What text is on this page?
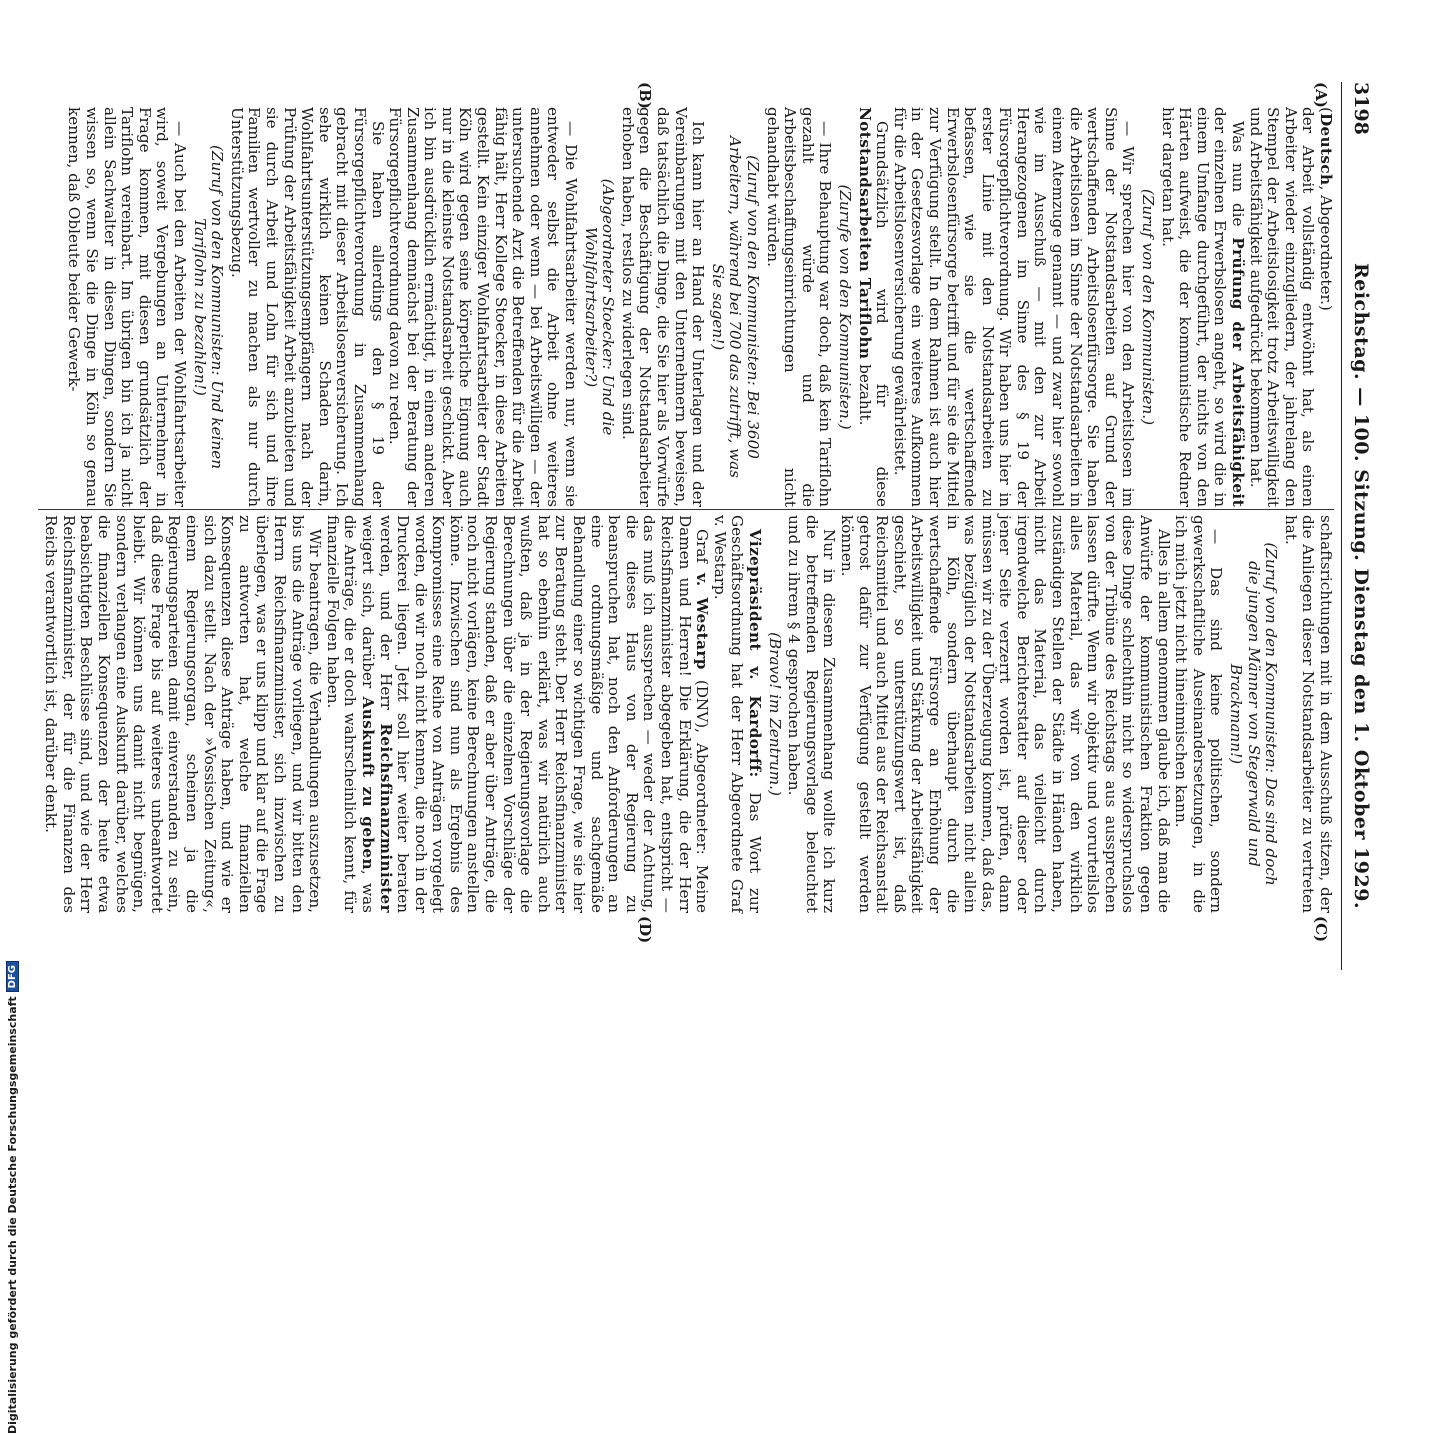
3198
Reichstag. — 100. Sitzung. Dienstag den 1. Oktober 1929.
(A)
(B)
(C)
(D)

(Deutsch, Abgeordneter.)

der Arbeit vollständig entwöhnt hat, als einen Arbeiter wieder einzugliedern, der jahrelang den Stempel der Arbeitslosigkeit trotz Arbeitswilligkeit und Arbeitsfähigkeit aufgedrückt bekommen hat.

Was nun die Prüfung der Arbeitsfähigkeit der einzelnen Erwerbslosen angeht, so wird die in einem Umfange durchgeführt, der nichts von den Härten aufweist, die der kommunistische Redner hier dargetan hat.

(Zuruf von den Kommunisten.)

— Wir sprechen hier von den Arbeitslosen im Sinne der Notstandsarbeiten auf Grund der wertschaffenden Arbeitslosenfürsorge. Sie haben die Arbeitslosen im Sinne der Notstandsarbeiten in einem Atemzuge genannt — und zwar hier sowohl wie im Ausschuß — mit den zur Arbeit Herangezogenen im Sinne des § 19 der Fürsorgepflichtverordnung. Wir haben uns hier in erster Linie mit den Notstandsarbeiten zu befassen, wie sie die wertschaffende Erwerbslosenfürsorge betrifft und für sie die Mittel zur Verfügung stellt. In dem Rahmen ist auch hier in der Gesetzesvorlage ein weiteres Aufkommen für die Arbeitslosenversicherung gewährleistet.

Grundsätzlich wird für diese Notstandsarbeiten Tariflohn bezahlt.

(Zurufe von den Kommunisten.)

— Ihre Behauptung war doch, daß kein Tariflohn gezahlt würde und die Arbeitsbeschaffungseinrichtungen nicht gehandhabt würden.

(Zuruf von den Kommunisten: Bei 3600 Arbeitern, während bei 700 das zutrifft, was Sie sagen!)

Ich kann hier an Hand der Unterlagen und der Vereinbarungen mit den Unternehmern beweisen, daß tatsächlich die Dinge, die Sie hier als Vorwürfe gegen die Beschäftigung der Notstandsarbeiter erhoben haben, restlos zu widerlegen sind.

(Abgeordneter Stoecker: Und die Wohlfahrtsarbeiter?)

— Die Wohlfahrtsarbeiter werden nur, wenn sie entweder selbst die Arbeit ohne weiteres annehmen oder wenn — bei Arbeitswilligen — der untersuchende Arzt die Betreffenden für die Arbeit fähig hält, Herr Kollege Stoecker, in diese Arbeiten gestellt. Kein einziger Wohlfahrtsarbeiter der Stadt Köln wird gegen seine körperliche Eignung auch nur in die kleinste Notstandsarbeit geschickt. Aber ich bin ausdrücklich ermächtigt, in einem anderen Zusammenhang demnächst bei der Beratung der Fürsorgepflichtverordnung davon zu reden.

Sie haben allerdings den § 19 der Fürsorgepflichtverordnung in Zusammenhang gebracht mit dieser Arbeitslosenversicherung. Ich sehe wirklich keinen Schaden darin, Wohlfahrtsunterstützungsempfängern nach der Prüfung der Arbeitsfähigkeit Arbeit anzubieten und sie durch Arbeit und Lohn für sich und ihre Familien wertvoller zu machen als nur durch Unterstützungsbezug.

(Zuruf von den Kommunisten: Und keinen Tariflohn zu bezahlen!)

— Auch bei den Arbeiten der Wohlfahrtsarbeiter wird, soweit Vergebungen an Unternehmer in Frage kommen, mit diesen grundsätzlich der Tariflohn vereinbart. Im übrigen bin ich ja nicht allein Sachwalter in diesen Dingen, sondern Sie wissen so, wenn Sie die Dinge in Köln so genau kennen, daß Obleute beider Gewerk-

schaftsrichtungen mit in dem Ausschuß sitzen, der die Anliegen dieser Notstandsarbeiter zu vertreten hat.

(Zuruf von den Kommunisten: Das sind doch die jungen Männer von Stegerwald und Brackmann!)

— Das sind keine politischen, sondern gewerkschaftliche Auseinandersetzungen, in die ich mich jetzt nicht hineinmischen kann.

Alles in allem genommen glaube ich, daß man die Anwürfe der kommunistischen Fraktion gegen diese Dinge schlechthin nicht so widerspruchslos von der Tribüne des Reichstags aus aussprechen lassen dürfte. Wenn wir objektiv und vorurteilslos alles Material, das wir von den wirklich zuständigen Stellen der Städte in Händen haben, nicht das Material, das vielleicht durch irgendwelche Berichterstatter auf dieser oder jener Seite verzerrt worden ist, prüfen, dann müssen wir zu der Überzeugung kommen, daß das, was bezüglich der Notstandsarbeiten nicht allein in Köln, sondern überhaupt durch die wertschaffende Fürsorge an Erhöhung der Arbeitswilligkeit und Stärkung der Arbeitsfähigkeit geschieht, so unterstützungswert ist, daß Reichsmittel und auch Mittel aus der Reichsanstalt getrost dafür zur Verfügung gestellt werden können.

Nur in diesem Zusammenhang wollte ich kurz die betreffenden Regierungsvorlage beleuchtet und zu ihrem § 4 gesprochen haben.

(Bravo! im Zentrum.)

Vizepräsident v. Kardorff: Das Wort zur Geschäftsordnung hat der Herr Abgeordnete Graf v. Westarp.

Graf v. Westarp (DNV), Abgeordneter: Meine Damen und Herren! Die Erklärung, die der Herr Reichsfinanzminister abgegeben hat, entspricht — das muß ich aussprechen — weder der Achtung, die dieses Haus von der Regierung zu beanspruchen hat, noch den Anforderungen an eine ordnungsmäßige und sachgemäße Behandlung einer so wichtigen Frage, wie sie hier zur Beratung steht. Der Herr Reichsfinanzminister hat so ebenhin erklärt, was wir natürlich auch wußten, daß ja in der Regierungsvorlage die Berechnungen über die einzelnen Vorschläge der Regierung standen, daß er aber über Anträge, die noch nicht vorlägen, keine Berechnungen anstellen könne. Inzwischen sind nun als Ergebnis des Kompromisses eine Reihe von Anträgen vorgelegt worden, die wir noch nicht kennen, die noch in der Druckerei liegen. Jetzt soll hier weiter beraten werden, und der Herr Reichsfinanzminister weigert sich, darüber Auskunft zu geben, was die Anträge, die er doch wahrscheinlich kennt, für finanzielle Folgen haben.

Wir beantragen, die Verhandlungen auszusetzen, bis uns die Anträge vorliegen, und wir bitten den Herrn Reichsfinanzminister, sich inzwischen zu überlegen, was er uns klipp und klar auf die Frage zu antworten hat, welche finanziellen Konsequenzen diese Anträge haben, und wie er sich dazu stellt. Nach der »Vossischen Zeitung«, einem Regierungsorgan, scheinen ja die Regierungsparteien damit einverstanden zu sein, daß diese Frage bis auf weiteres unbeantwortet bleibt. Wir können uns damit nicht begnügen, sondern verlangen eine Auskunft darüber, welches die finanziellen Konsequenzen der heute etwa beabsichtigten Beschlüsse sind, und wie der Herr Reichsfinanzminister, der für die Finanzen des Reichs verantwortlich ist, darüber denkt.

Digitalisierung gefördert durch die Deutsche Forschungsgemeinschaft
DFG
